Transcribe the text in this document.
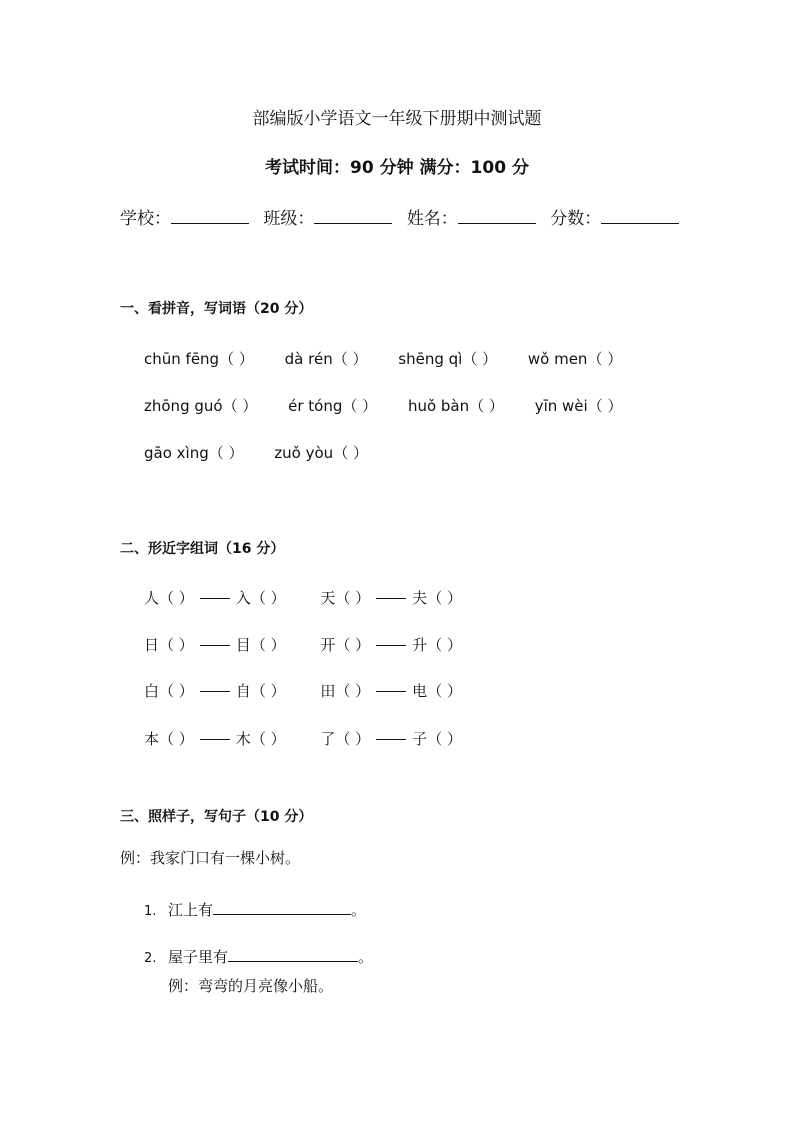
部编版小学语文一年级下册期中测试题
考试时间：90 分钟 满分：100 分
学校：	班级：	姓名：	分数：
一、看拼音，写词语（20 分）
chūn fēng（ ） dà rén（ ） shēng qì（ ） wǒ men（ ）
zhōng guó（ ） ér tóng（ ） huǒ bàn（ ） yīn wèi（ ）
gāo xìng（ ） zuǒ yòu（ ）
二、形近字组词（16 分）
人（ ）	入（ ） 天（ ）	夫（ ）
日（ ）	目（ ） 开（ ）	升（ ）
白（ ）	自（ ） 田（ ）	电（ ）
本（ ）	木（ ） 了（ ）	子（ ）
三、照样子，写句子（10 分）
例：我家门口有一棵小树。
1. 江上有	。
2. 屋子里有	。
例：弯弯的月亮像小船。
